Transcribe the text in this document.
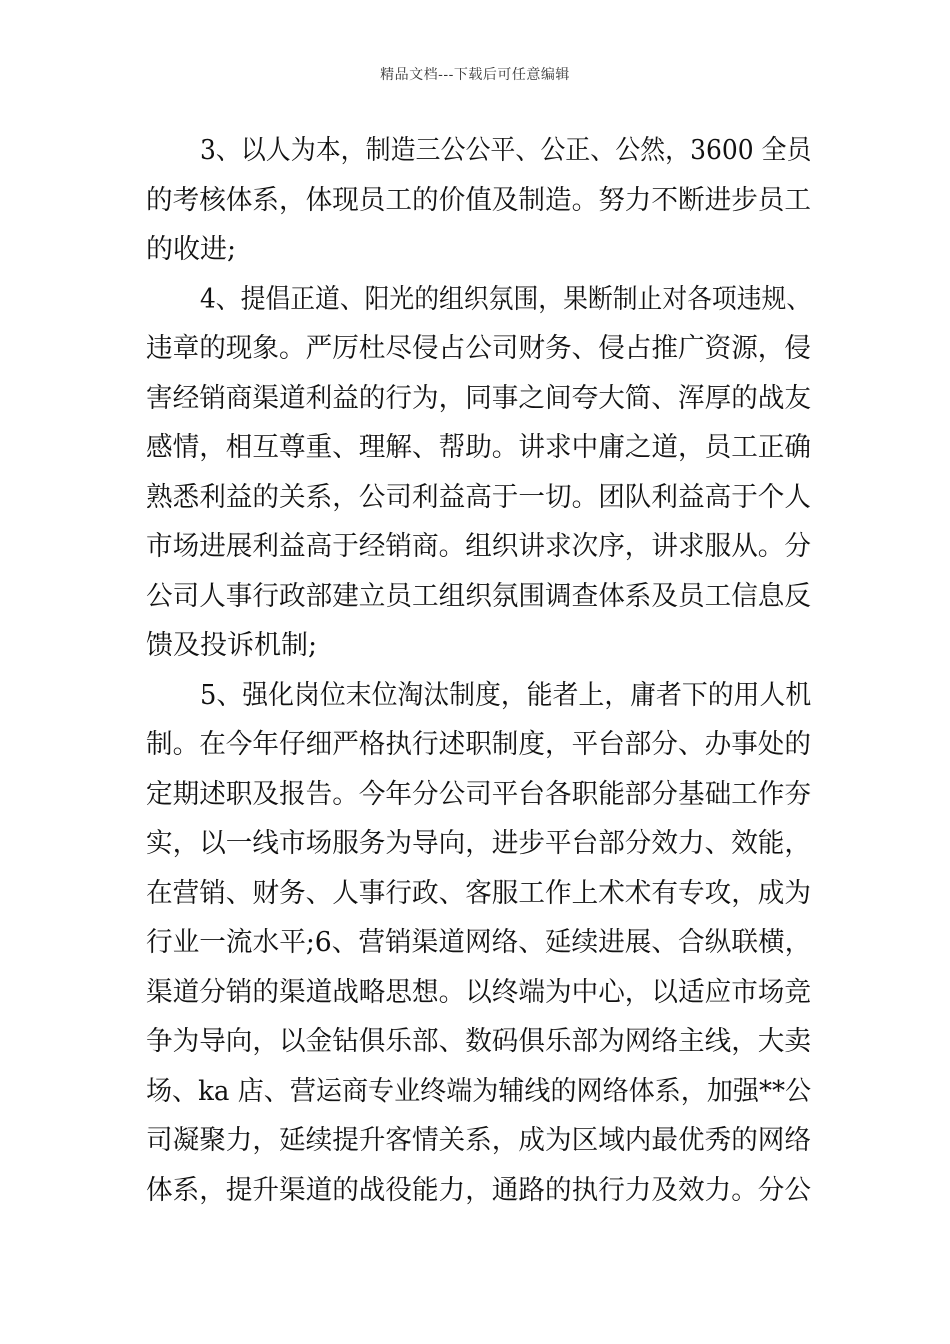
精品文档---下载后可任意编辑
3、以人为本，制造三公公平、公正、公然，3600 全员
的考核体系，体现员工的价值及制造。努力不断进步员工
的收进;
4、提倡正道、阳光的组织氛围，果断制止对各项违规、
违章的现象。严厉杜尽侵占公司财务、侵占推广资源，侵
害经销商渠道利益的行为，同事之间夸大简、浑厚的战友
感情，相互尊重、理解、帮助。讲求中庸之道，员工正确
熟悉利益的关系，公司利益高于一切。团队利益高于个人
市场进展利益高于经销商。组织讲求次序，讲求服从。分
公司人事行政部建立员工组织氛围调查体系及员工信息反
馈及投诉机制;
5、强化岗位末位淘汰制度，能者上，庸者下的用人机
制。在今年仔细严格执行述职制度，平台部分、办事处的
定期述职及报告。今年分公司平台各职能部分基础工作夯
实，以一线市场服务为导向，进步平台部分效力、效能，
在营销、财务、人事行政、客服工作上术术有专攻，成为
行业一流水平;6、营销渠道网络、延续进展、合纵联横，
渠道分销的渠道战略思想。以终端为中心，以适应市场竞
争为导向，以金钻俱乐部、数码俱乐部为网络主线，大卖
场、ka 店、营运商专业终端为辅线的网络体系，加强**公
司凝聚力，延续提升客情关系，成为区域内最优秀的网络
体系，提升渠道的战役能力，通路的执行力及效力。分公
